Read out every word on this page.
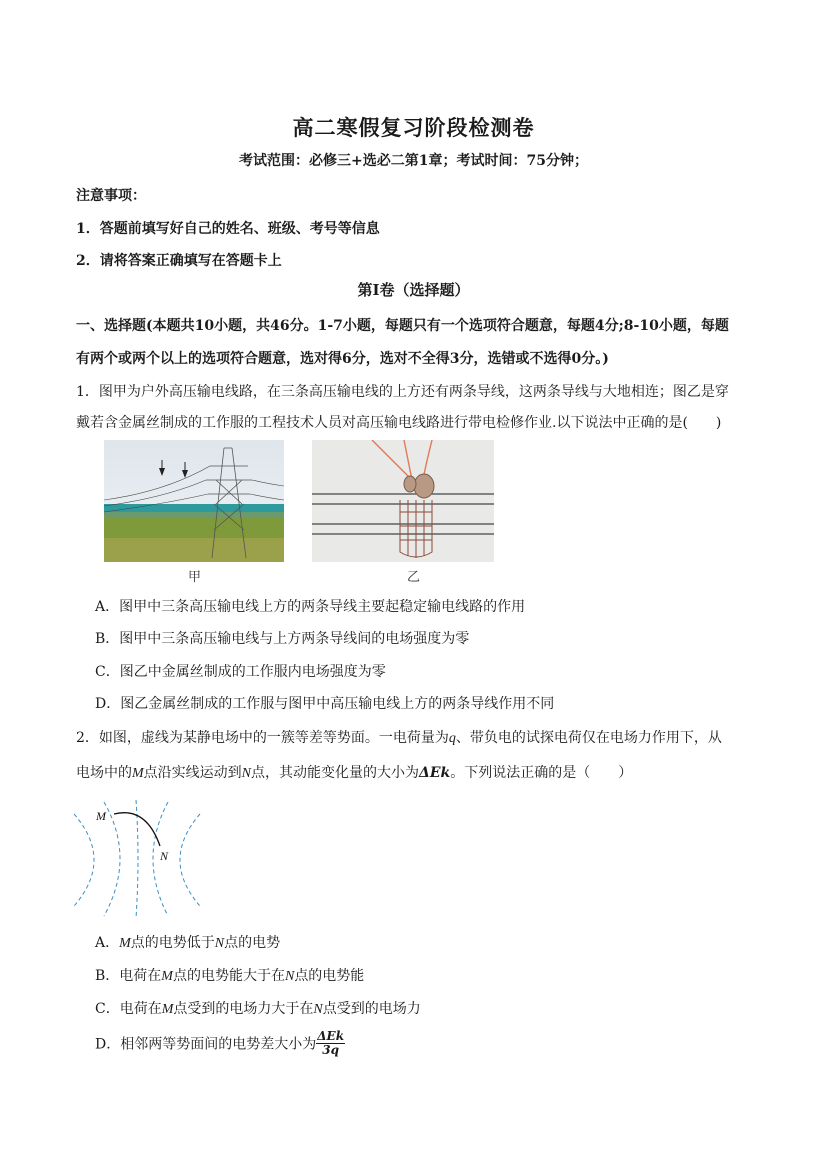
高二寒假复习阶段检测卷
考试范围：必修三+选必二第1章；考试时间：75分钟；
注意事项：
1．答题前填写好自己的姓名、班级、考号等信息
2．请将答案正确填写在答题卡上
第I卷（选择题）
一、选择题(本题共10小题，共46分。1-7小题，每题只有一个选项符合题意，每题4分;8-10小题，每题
有两个或两个以上的选项符合题意，选对得6分，选对不全得3分，选错或不选得0分。)
1．图甲为户外高压输电线路，在三条高压输电线的上方还有两条导线，这两条导线与大地相连；图乙是穿
戴若含金属丝制成的工作服的工程技术人员对高压输电线路进行带电检修作业.以下说法中正确的是(　　)
甲	乙
A．图甲中三条高压输电线上方的两条导线主要起稳定输电线路的作用
B．图甲中三条高压输电线与上方两条导线间的电场强度为零
C．图乙中金属丝制成的工作服内电场强度为零
D．图乙金属丝制成的工作服与图甲中高压输电线上方的两条导线作用不同
2．如图，虚线为某静电场中的一簇等差等势面。一电荷量为q、带负电的试探电荷仅在电场力作用下，从
电场中的M点沿实线运动到N点，其动能变化量的大小为ΔEk。下列说法正确的是（　　）
M
N
A．M点的电势低于N点的电势
B．电荷在M点的电势能大于在N点的电势能
C．电荷在M点受到的电场力大于在N点受到的电场力
D．相邻两等势面间的电势差大小为 $\frac{\text{ΔEk}}{3q}$
